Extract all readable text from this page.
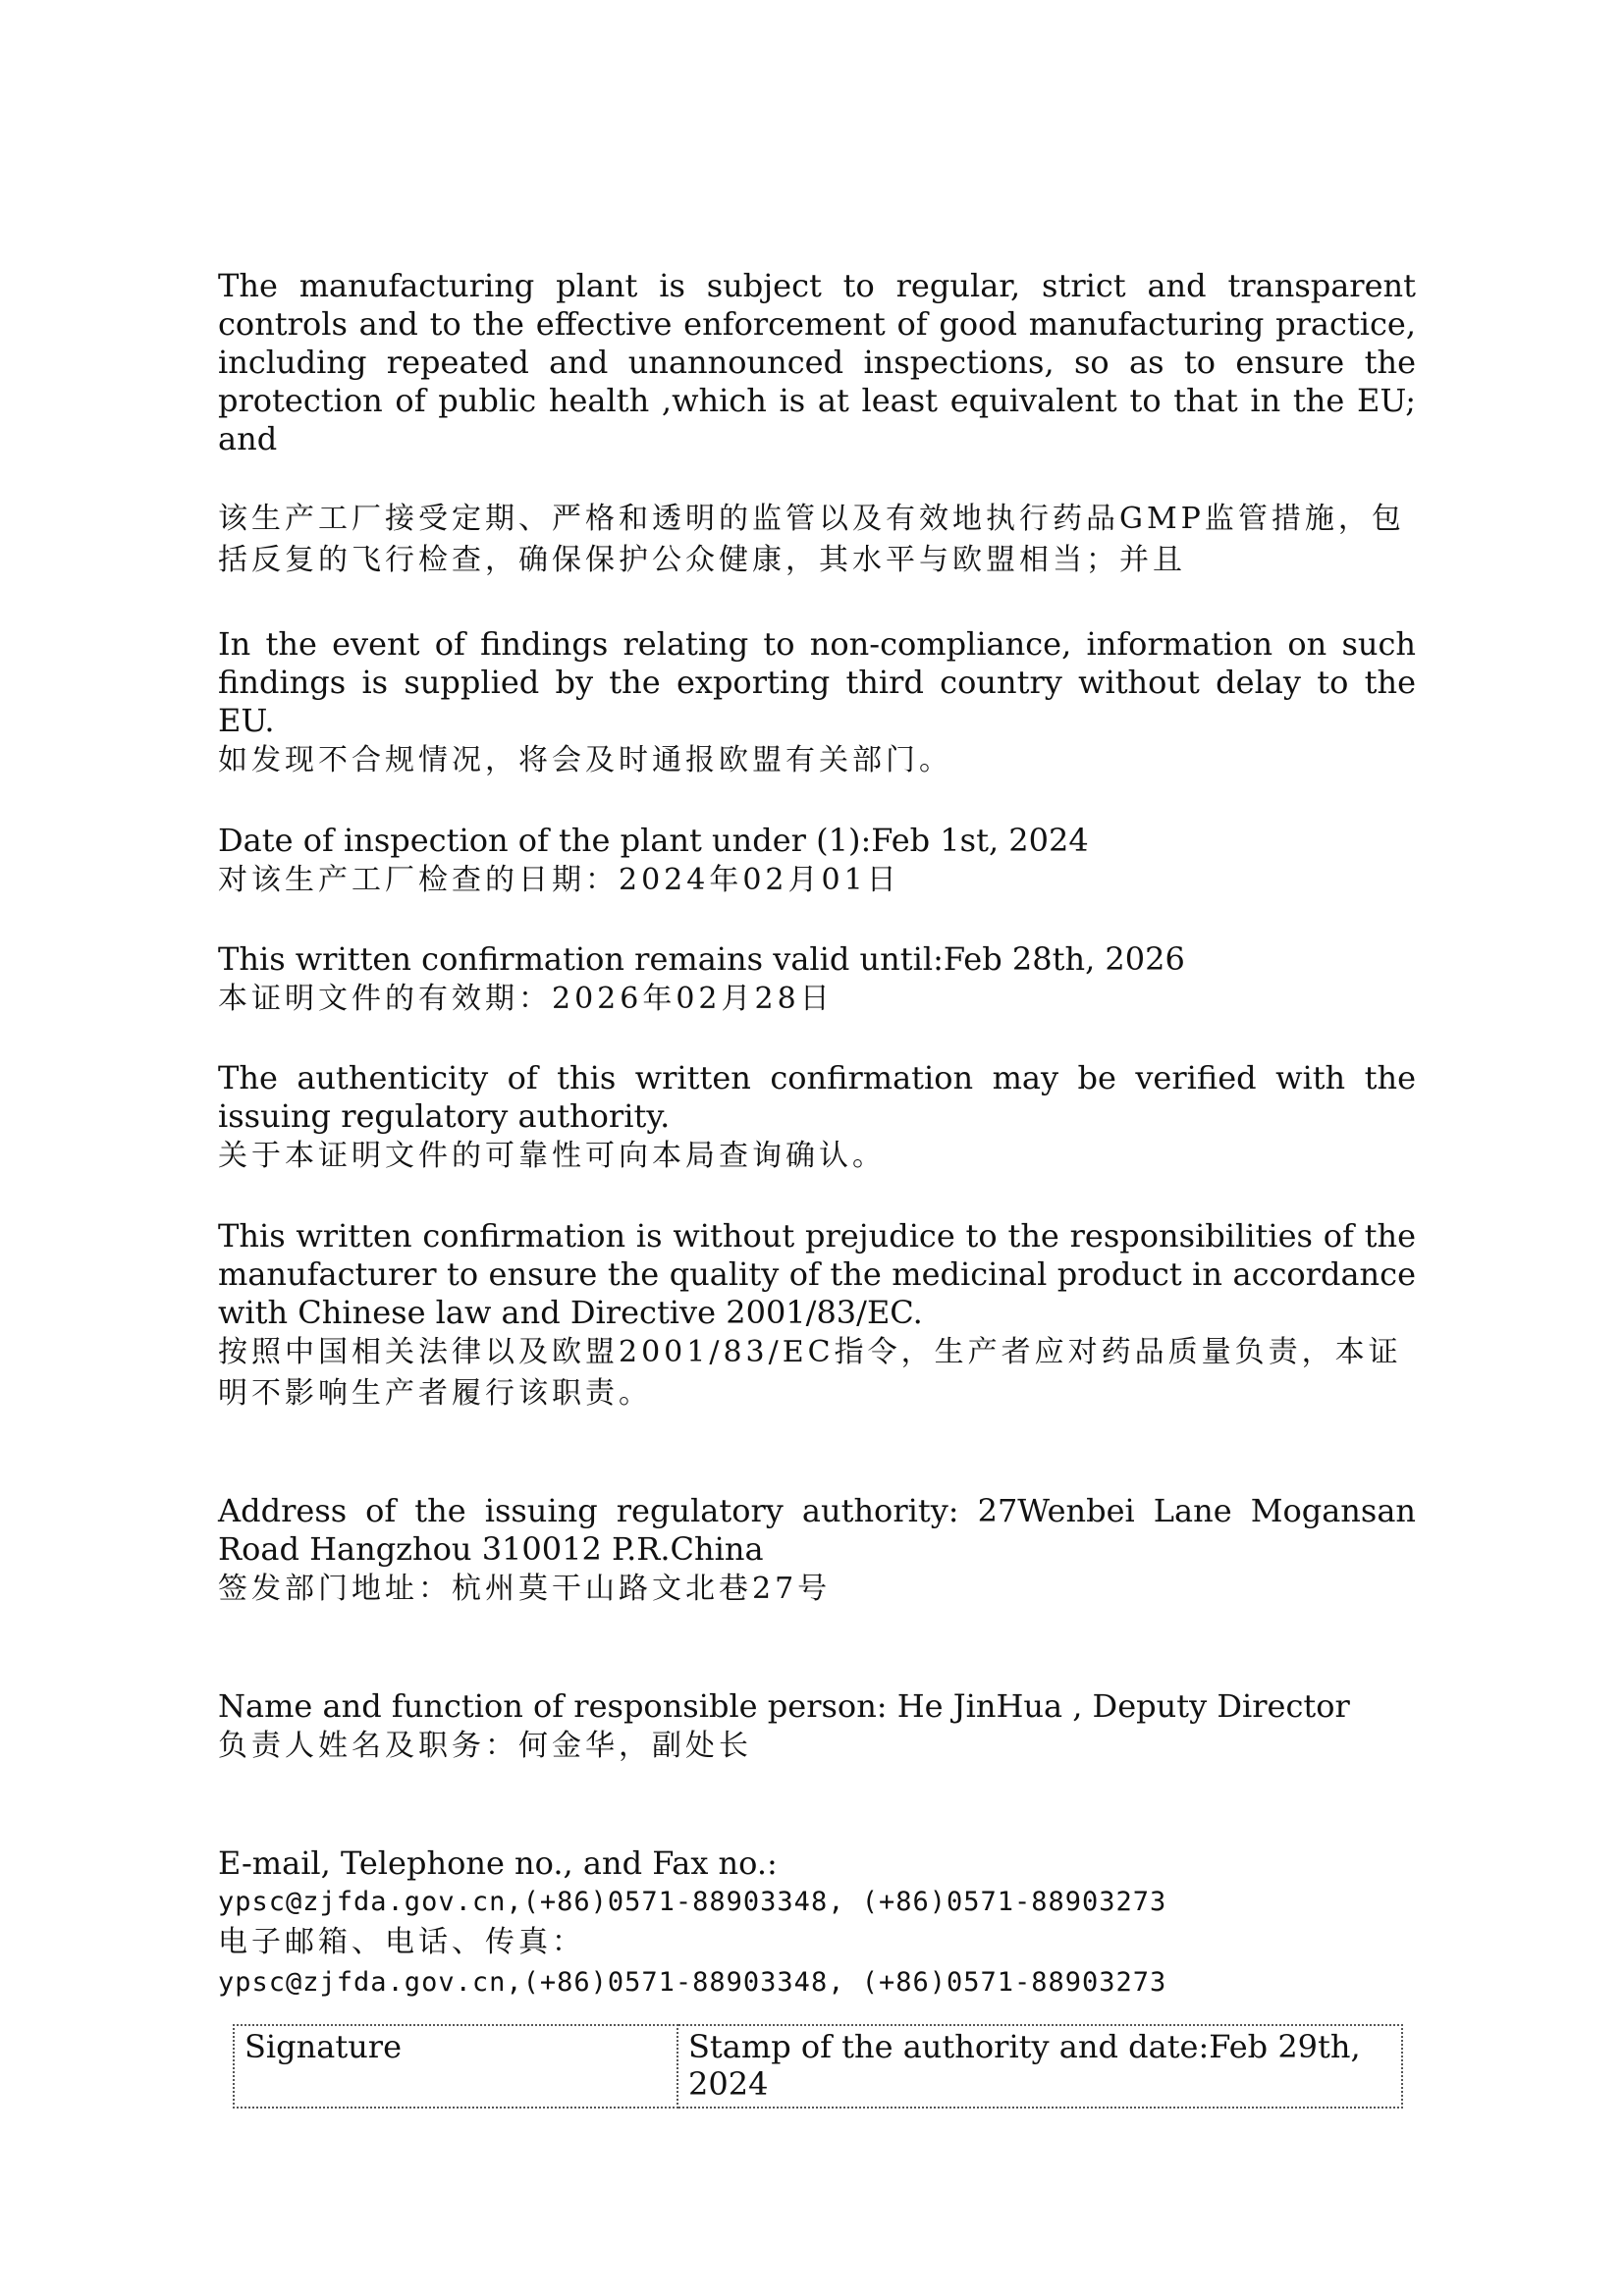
The manufacturing plant is subject to regular, strict and transparent controls and to the effective enforcement of good manufacturing practice, including repeated and unannounced inspections, so as to ensure the protection of public health ,which is at least equivalent to that in the EU; and

该生产工厂接受定期、严格和透明的监管以及有效地执行药品GMP监管措施，包括反复的飞行检查，确保保护公众健康，其水平与欧盟相当；并且

In the event of findings relating to non-compliance, information on such findings is supplied by the exporting third country without delay to the EU.

如发现不合规情况，将会及时通报欧盟有关部门。

Date of inspection of the plant under (1):Feb 1st, 2024

对该生产工厂检查的日期：2024年02月01日

This written confirmation remains valid until:Feb 28th, 2026

本证明文件的有效期：2026年02月28日

The authenticity of this written confirmation may be verified with the issuing regulatory authority.

关于本证明文件的可靠性可向本局查询确认。

This written confirmation is without prejudice to the responsibilities of the manufacturer to ensure the quality of the medicinal product in accordance with Chinese law and Directive 2001/83/EC.

按照中国相关法律以及欧盟2001/83/EC指令，生产者应对药品质量负责，本证明不影响生产者履行该职责。

Address of the issuing regulatory authority: 27Wenbei Lane Mogansan Road Hangzhou 310012 P.R.China

签发部门地址：杭州莫干山路文北巷27号

Name and function of responsible person: He JinHua , Deputy Director

负责人姓名及职务：何金华，副处长

E-mail, Telephone no., and Fax no.:

ypsc@zjfda.gov.cn,(+86)0571-88903348, (+86)0571-88903273

电子邮箱、电话、传真：

ypsc@zjfda.gov.cn,(+86)0571-88903348, (+86)0571-88903273

Signature	Stamp of the authority and date:Feb 29th, 2024
